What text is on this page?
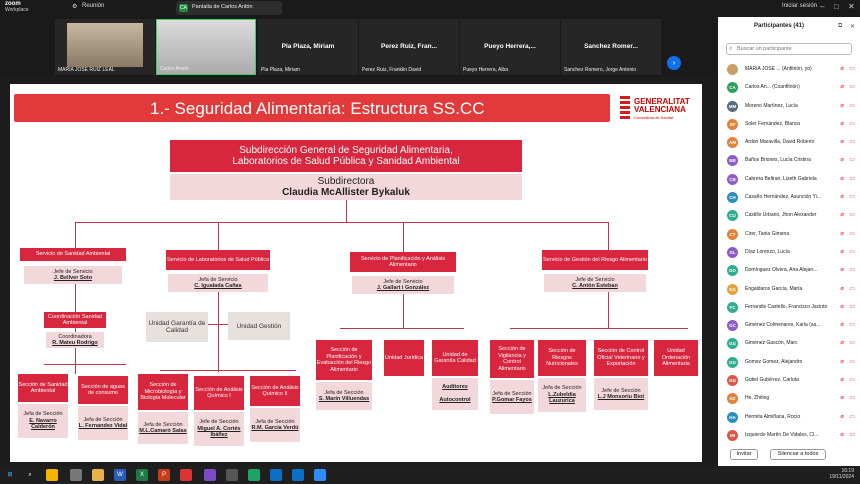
zoom
Workplace	⚙ Reunión	CA Pantalla de Carlos Antón	Iniciar sesión – □ ✕
MARIA JOSE RUIZ LEAL	Carlos Antón
Pla Plaza, Miriam
Pla Plaza, Miriam
Perez Ruiz, Fran...
Perez Ruiz, Franklin David
Pueyo Herrera,...
Pueyo Herrera, Alba
Sanchez Romer...
Sanchez Romero, Jorge Antonio
›
1.- Seguridad Alimentaria: Estructura SS.CC	GENERALITAT
VALENCIANA
Conselleria de Sanitat
Subdirección General de Seguridad Alimentaria,
Laboratorios de Salud Pública y Sanidad Ambiental
Subdirectora
Claudia McAllister Bykaluk
Servicio de Sanidad Ambiental
Jefe de Servicio
J. Bellver Soto
Servicio de Laboratorios de Salud Pública
Jefa de Servicio
C. Igualada Cañas
Servicio de Planificación y Análisis Alimentario
Jefe de Servicio
J. Gallart i González
Servicio de Gestión del Riesgo Alimentario
Jefe de Servicio
C. Antón Esteban
Coordinación Sanidad Ambiental
Coordinadora
R. Mateu Rodrigo
Unidad Garantía de Calidad
Unidad Gestión
Sección de Sanidad Ambiental
Jefa de Sección
E. Navarro Calderón
Sección de aguas de consumo
Jefa de Sección
L. Fernandez Vidal
Sección de Microbiología y Biología Molecular
Jefa de Sección
M.L.Camaró Salas
Sección de Análisis Químico I
Jefe de Sección
Miguel A. Cortés Ibáñez
Sección de Análisis Químico II
Jefa de Sección
R.M. García Verdú
Sección de Planificación y Evaluación del Riesgo Alimentario
Jefa de Sección
S. Marín Villuendas
Unidad Jurídica
Unidad de Garantía Calidad
Auditores

Autocontrol
Sección de Vigilancia y Control Alimentario
Jefa de Sección
P.Gomar Fayos
Sección de Riesgos Nutricionales
Jefa de Sección
L.Zubeldia Lauzurica
Sección de Control Oficial Veterinario y Exportación
Jefe de Sección
L.J Monsoriu Biot
Unidad Ordenación Alimentaria
Participantes (41)	⧉ ✕
⌕ Buscar un participante
MARIA JOSE ... (Anfitrión, yo)	⌀ ▭
CA	Carlos An... (Coanfitrión)	⌀ ▭
MM	Moreno Martínez, Lucía	⌀ ▭
SF	Soler Fernández, Blanca	⌀ ▭
AM	Ardon Maravilla, David Roberto	⌀ ▭
BB	Baños Briones, Lucía Cristina	⌀ ▭
CB	Cabrera Beltran, Lizeth Gabriela	⌀ ▭
CH	Casaño Hernández, Asunción Yi...	⌀ ▭
CU	Castillo Urbano, Jhon Alexander	⌀ ▭
CT	Cirer, Tania Gimena	⌀ ▭
DL	Díaz Lorenzo, Lucía	⌀ ▭
DO	Domínguez Olvera, Ana Alejan...	⌀ ▭
EG	Engaldaros García, Marta	⌀ ▭
FC	Ferrandis Castello, Francisco Jacinto	⌀ ▭
GC	Giménez Colmenares, Karla (sa...	⌀ ▭
GG	Giménez Gascón, Marc	⌀ ▭
GG	Gomez Gomez, Alejandro	⌀ ▭
GG	Gutiel Gutiérrez, Carlota	⌀ ▭
HZ	He, Zhiting	⌀ ▭
HA	Hermita Almiñana, Rocío	⌀ ▭
IM	Izquierdo Martín De Vidales, Cl...	⌀ ▭
Invitar	Silenciar a todos
⊞	⌕	W	X	P
16:19
19/11/2024
